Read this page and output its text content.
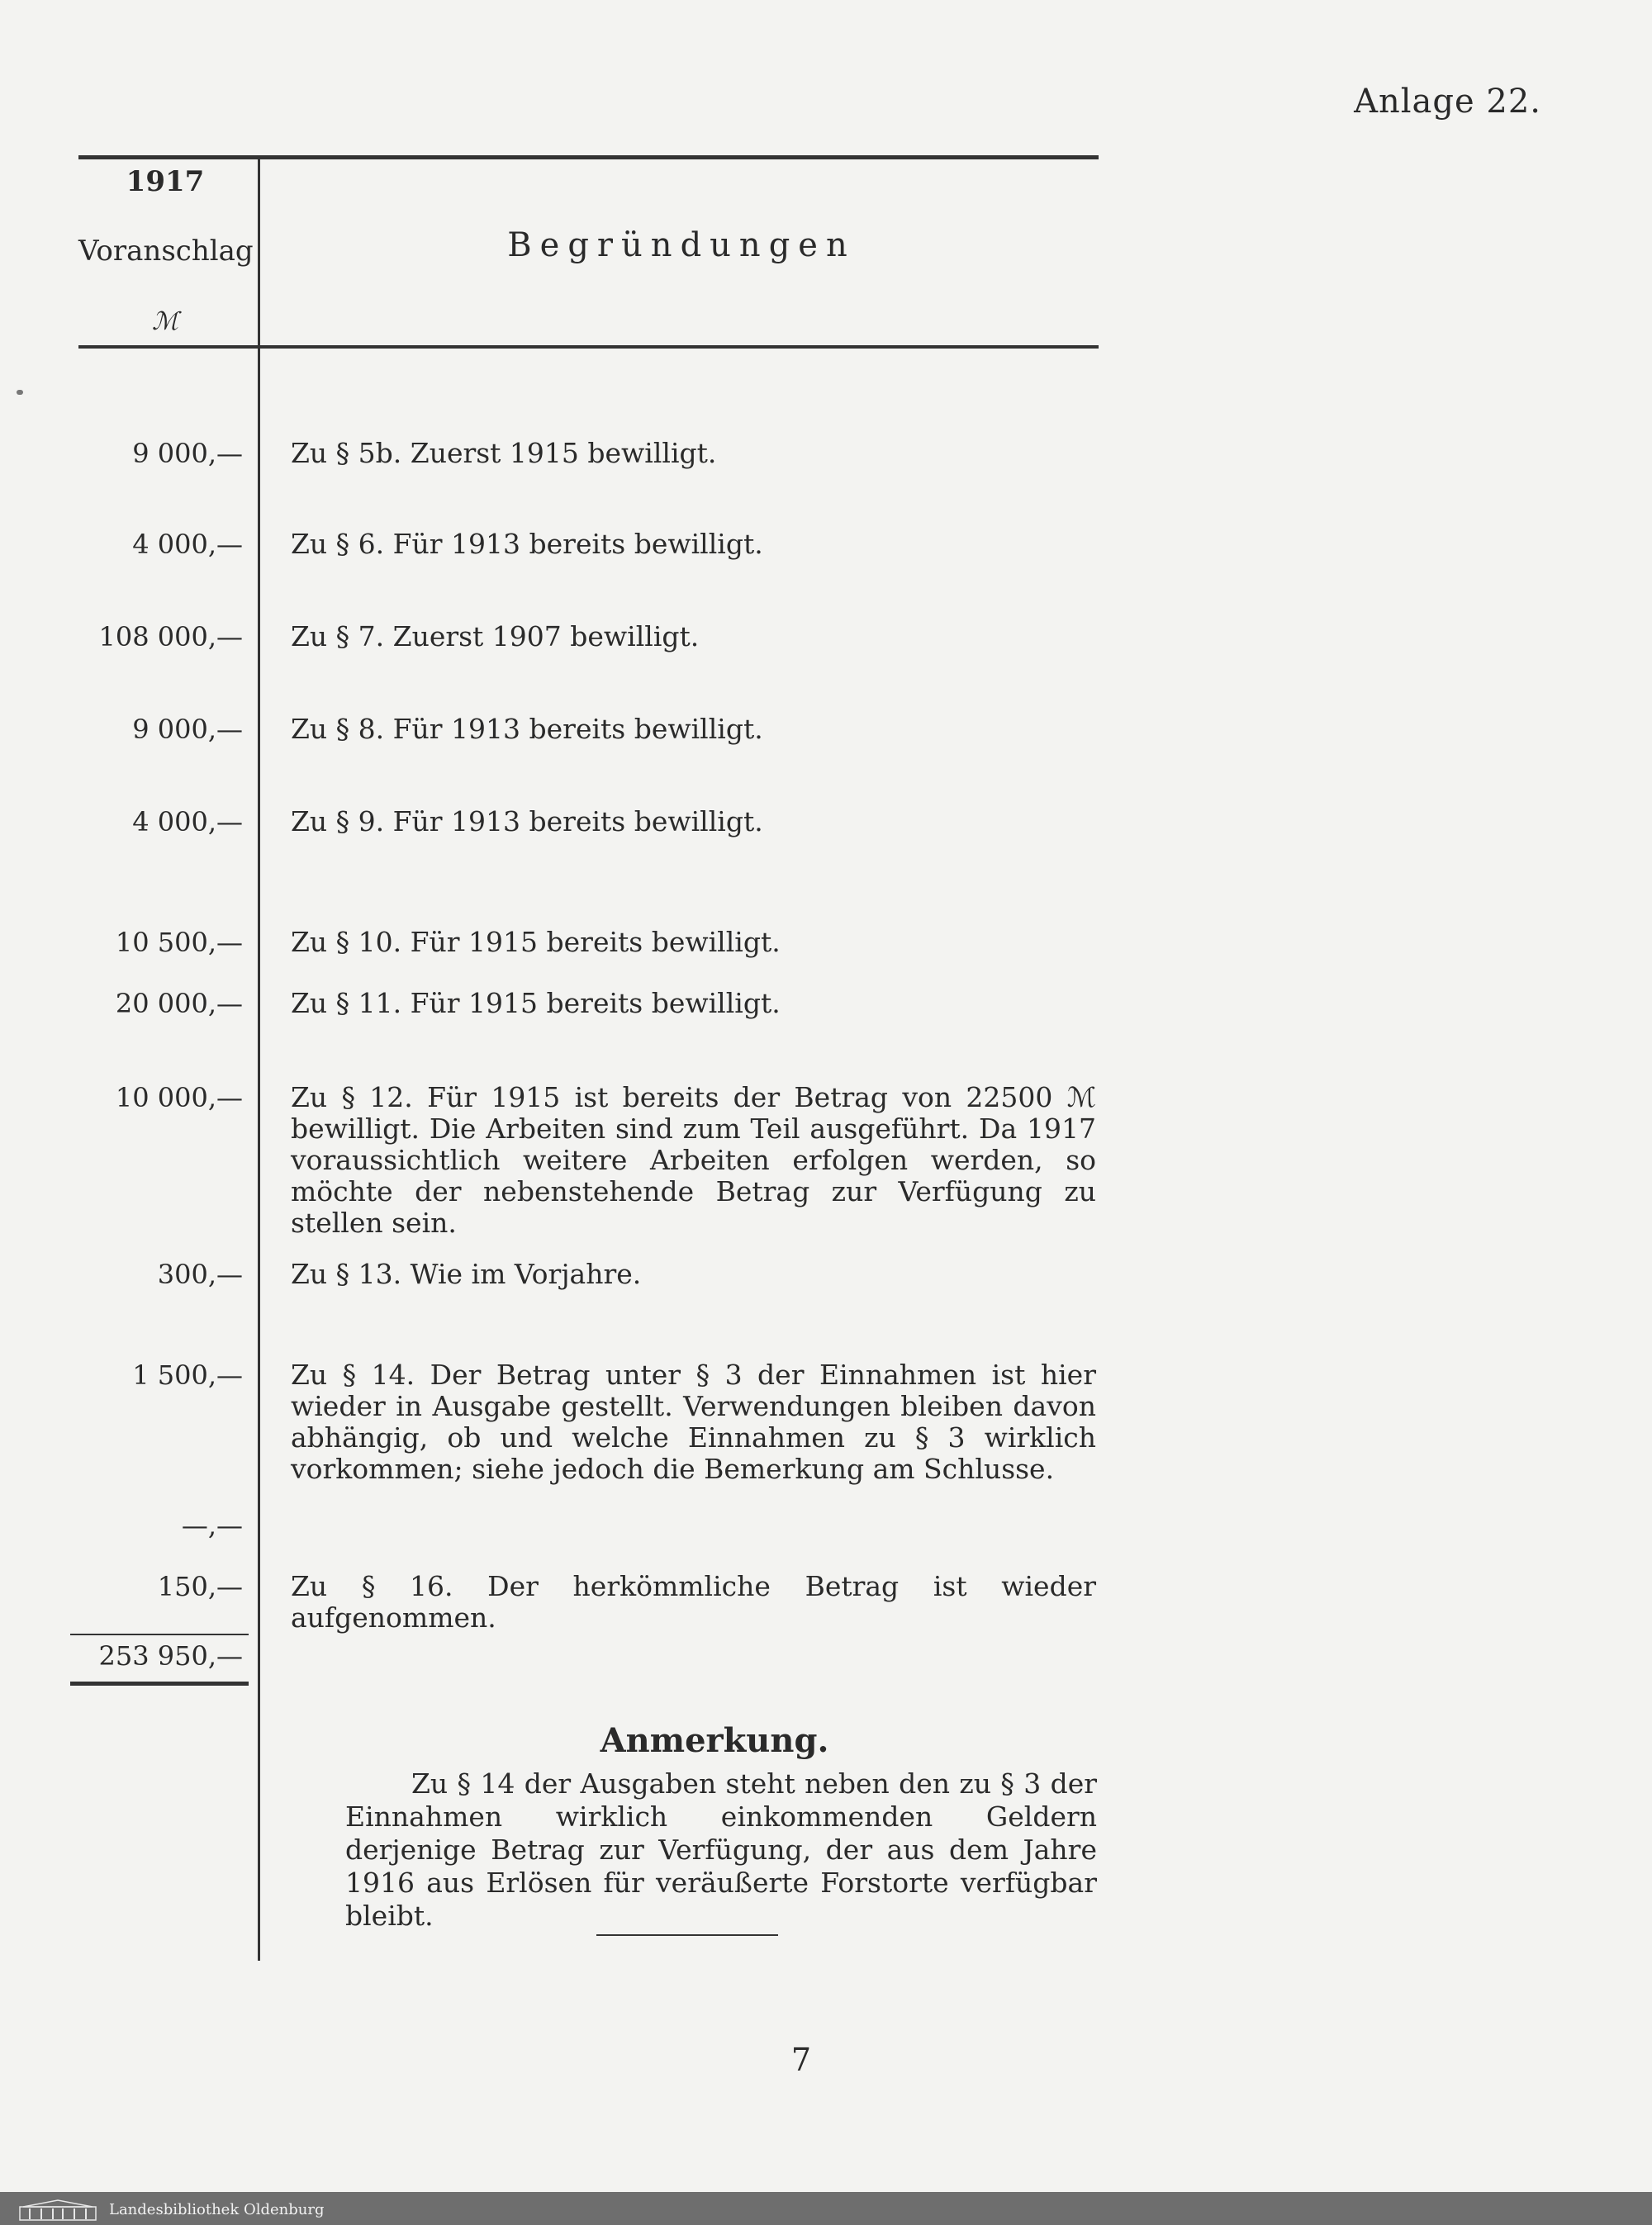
Anlage 22.
1917
Voranschlag
ℳ
Begründungen
9 000,— Zu § 5b. Zuerst 1915 bewilligt.
4 000,— Zu § 6. Für 1913 bereits bewilligt.
108 000,— Zu § 7. Zuerst 1907 bewilligt.
9 000,— Zu § 8. Für 1913 bereits bewilligt.
4 000,— Zu § 9. Für 1913 bereits bewilligt.
10 500,— Zu § 10. Für 1915 bereits bewilligt.
20 000,— Zu § 11. Für 1915 bereits bewilligt.
10 000,— Zu § 12. Für 1915 ist bereits der Betrag von 22500 ℳ bewilligt. Die Arbeiten sind zum Teil ausgeführt. Da 1917 voraussichtlich weitere Arbeiten erfolgen werden, so möchte der nebenstehende Betrag zur Verfügung zu stellen sein.
300,— Zu § 13. Wie im Vorjahre.
1 500,— Zu § 14. Der Betrag unter § 3 der Einnahmen ist hier wieder in Ausgabe gestellt. Verwendungen bleiben davon abhängig, ob und welche Einnahmen zu § 3 wirklich vorkommen; siehe jedoch die Bemerkung am Schlusse.
—,—
150,— Zu § 16. Der herkömmliche Betrag ist wieder aufgenommen.
253 950,—
Anmerkung.
Zu § 14 der Ausgaben steht neben den zu § 3 der Einnahmen wirklich einkommenden Geldern derjenige Betrag zur Verfügung, der aus dem Jahre 1916 aus Erlösen für veräußerte Forstorte verfügbar bleibt.
7
Landesbibliothek Oldenburg
